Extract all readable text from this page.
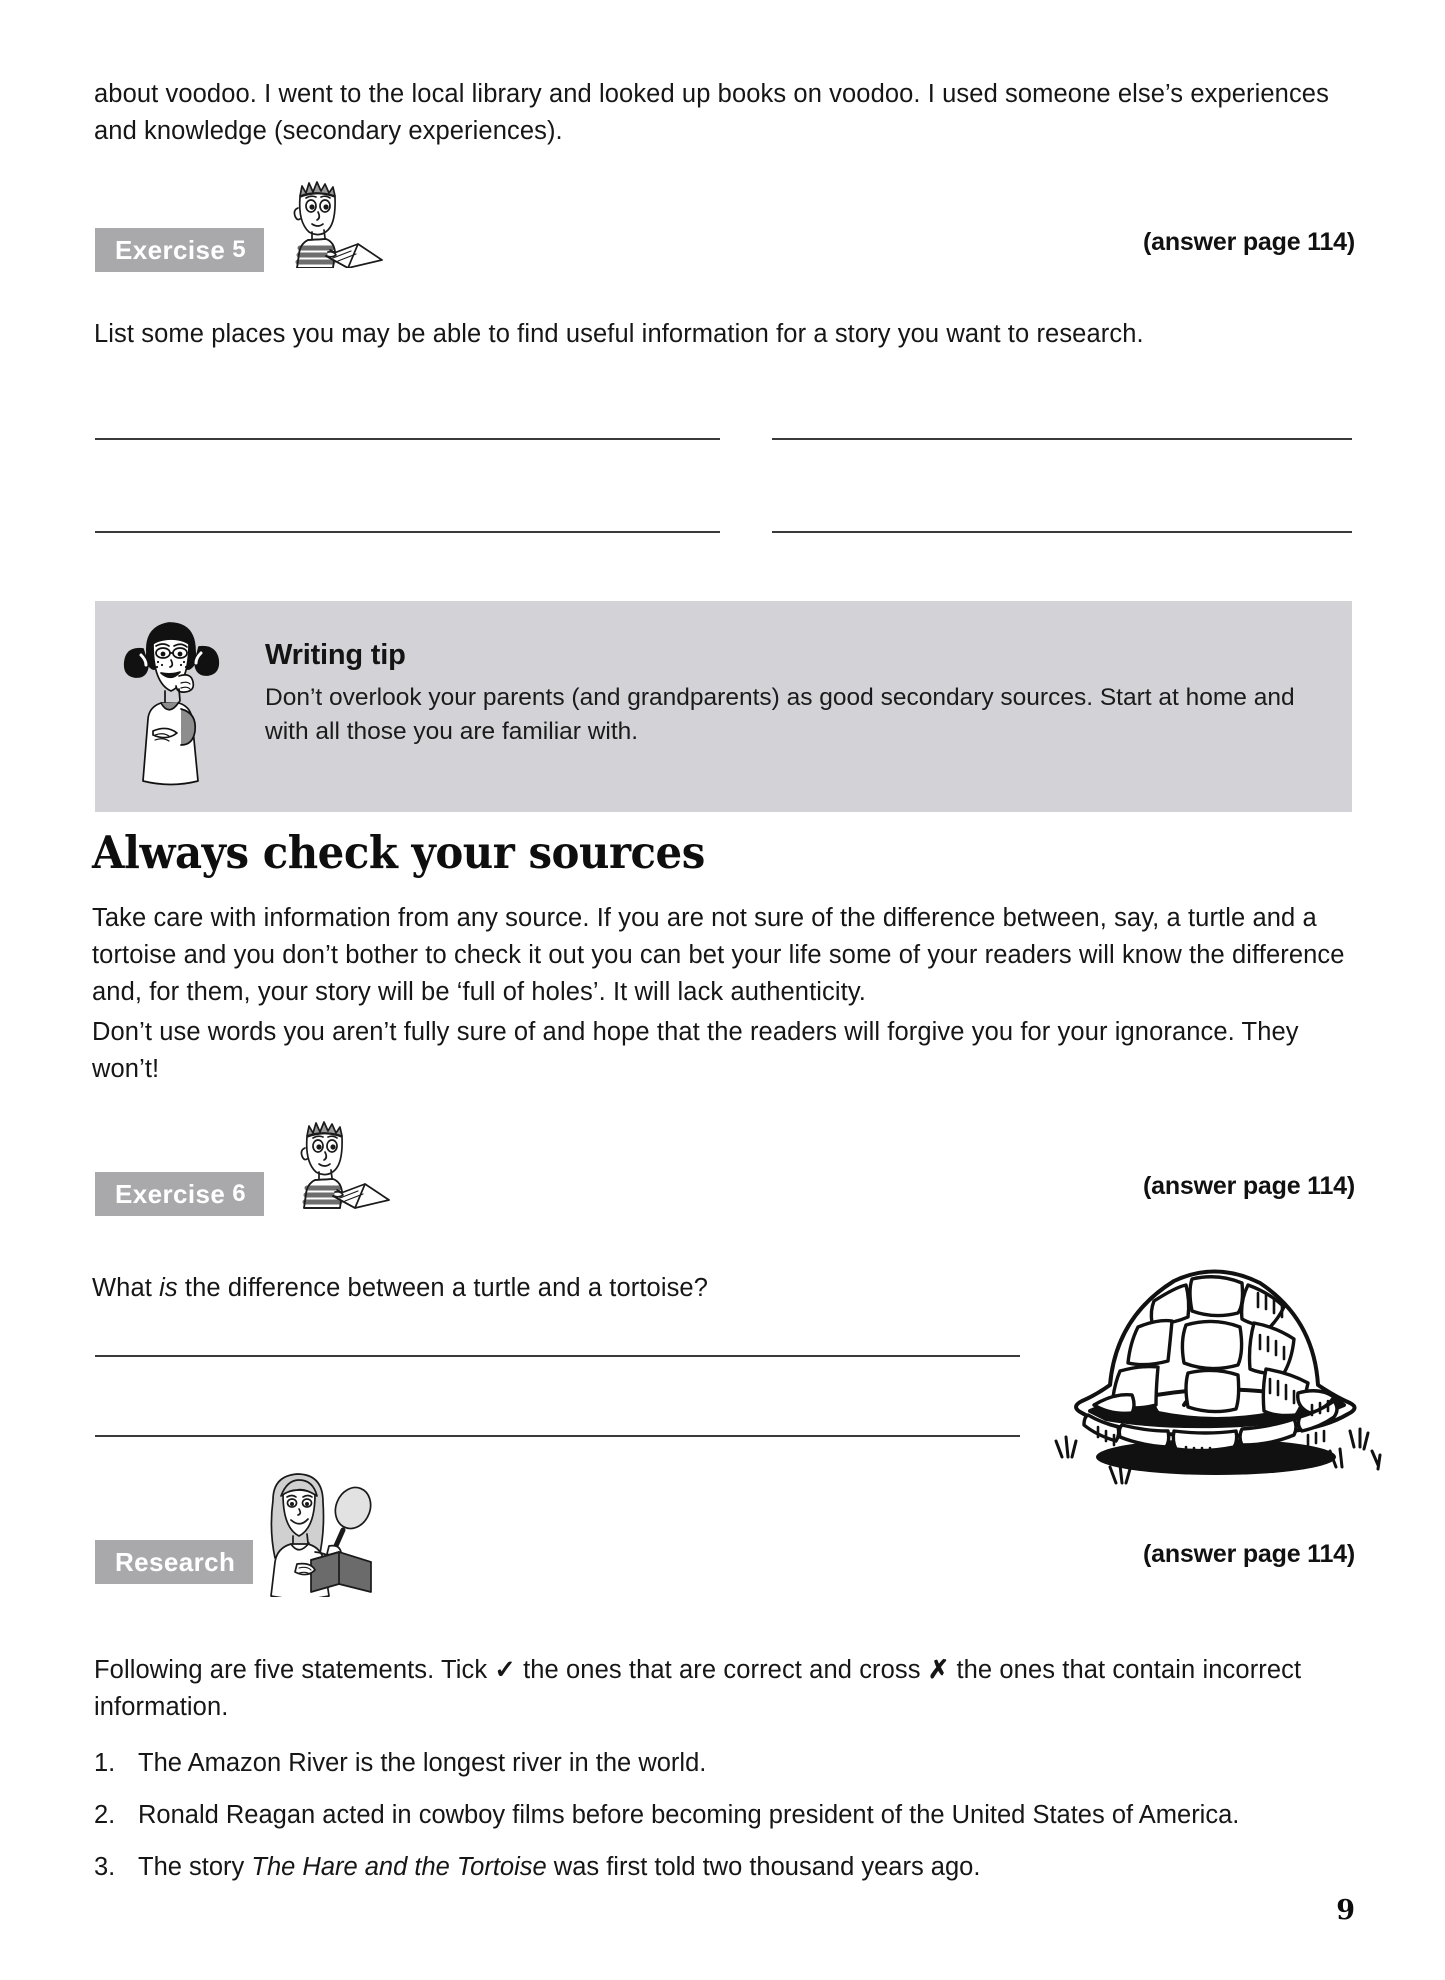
about voodoo. I went to the local library and looked up books on voodoo. I used someone else’s experiences and knowledge (secondary experiences).
Exercise 5	(answer page 114)
List some places you may be able to find useful information for a story you want to research.
Writing tip
Don’t overlook your parents (and grandparents) as good secondary sources. Start at home and with all those you are familiar with.
Always check your sources
Take care with information from any source. If you are not sure of the difference between, say, a turtle and a tortoise and you don’t bother to check it out you can bet your life some of your readers will know the difference and, for them, your story will be ‘full of holes’. It will lack authenticity.
Don’t use words you aren’t fully sure of and hope that the readers will forgive you for your ignorance. They won’t!
Exercise 6	(answer page 114)
What is the difference between a turtle and a tortoise?
Research	(answer page 114)
Following are five statements. Tick ✓ the ones that are correct and cross ✗ the ones that contain incorrect information.
1. The Amazon River is the longest river in the world.
2. Ronald Reagan acted in cowboy films before becoming president of the United States of America.
3. The story The Hare and the Tortoise was first told two thousand years ago.
9
